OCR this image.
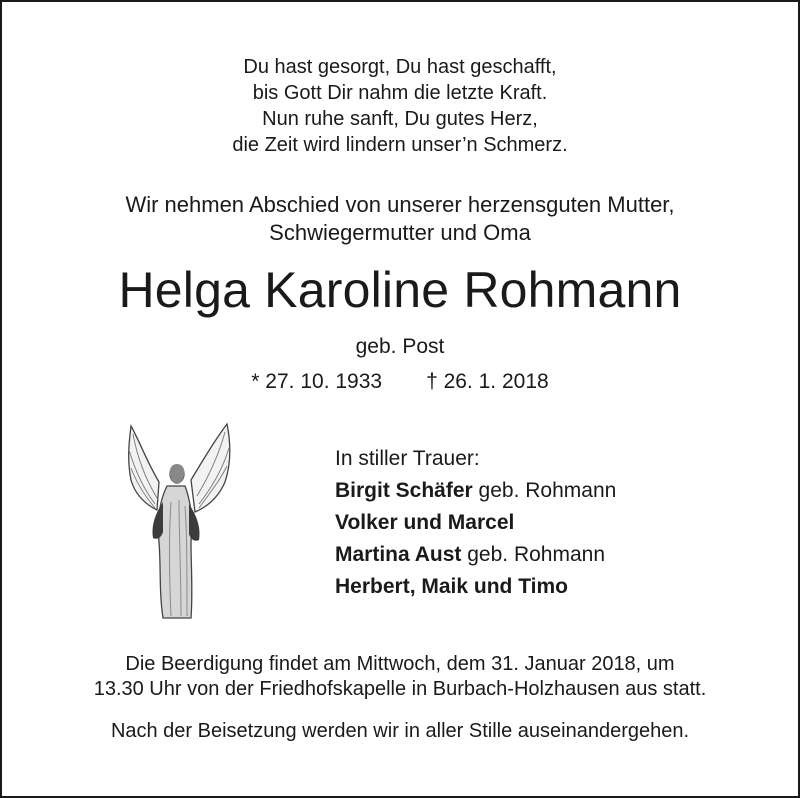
Du hast gesorgt, Du hast geschafft,
bis Gott Dir nahm die letzte Kraft.
Nun ruhe sanft, Du gutes Herz,
die Zeit wird lindern unser’n Schmerz.
Wir nehmen Abschied von unserer herzensguten Mutter,
Schwiegermutter und Oma
Helga Karoline Rohmann
geb. Post
* 27. 10. 1933 † 26. 1. 2018
In stiller Trauer:
Birgit Schäfer geb. Rohmann
Volker und Marcel
Martina Aust geb. Rohmann
Herbert, Maik und Timo
Die Beerdigung findet am Mittwoch, dem 31. Januar 2018, um
13.30 Uhr von der Friedhofskapelle in Burbach-Holzhausen aus statt.
Nach der Beisetzung werden wir in aller Stille auseinandergehen.
